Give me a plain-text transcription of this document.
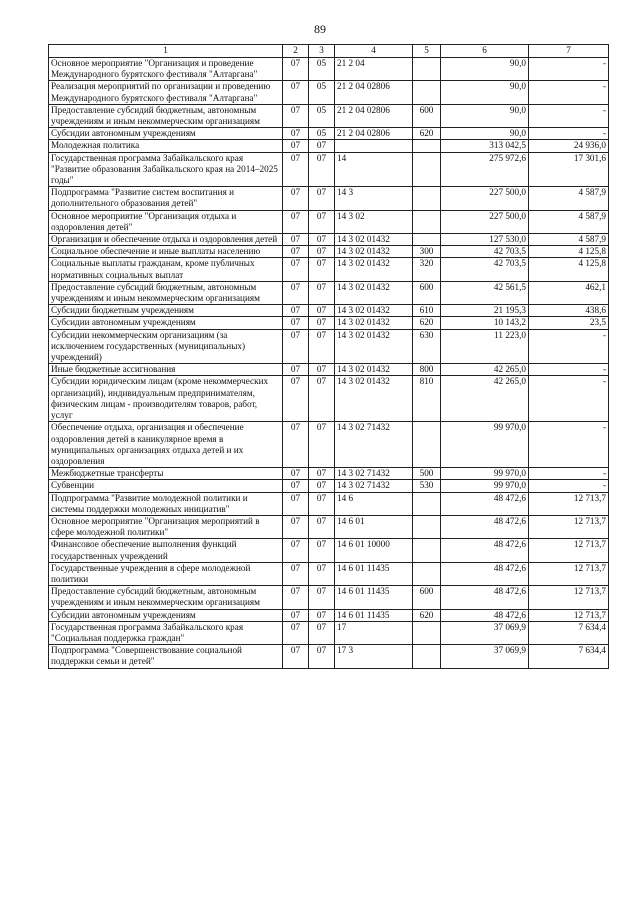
89
1	2	3	4	5	6	7
Основное мероприятие "Организация и проведение Международного бурятского фестиваля "Алтаргана"	07	05	21 2 04		90,0	-
Реализация мероприятий по организации и проведению Международного бурятского фестиваля "Алтаргана"	07	05	21 2 04 02806		90,0	-
Предоставление субсидий бюджетным, автономным учреждениям и иным некоммерческим организациям	07	05	21 2 04 02806	600	90,0	-
Субсидии автономным учреждениям	07	05	21 2 04 02806	620	90,0	-
Молодежная политика	07	07			313 042,5	24 936,0
Государственная программа Забайкальского края "Развитие образования Забайкальского края на 2014–2025 годы"	07	07	14		275 972,6	17 301,6
Подпрограмма "Развитие систем воспитания и дополнительного образования детей"	07	07	14 3		227 500,0	4 587,9
Основное мероприятие "Организация отдыха и оздоровления детей"	07	07	14 3 02		227 500,0	4 587,9
Организация и обеспечение отдыха и оздоровления детей	07	07	14 3 02 01432		127 530,0	4 587,9
Социальное обеспечение и иные выплаты населению	07	07	14 3 02 01432	300	42 703,5	4 125,8
Социальные выплаты гражданам, кроме публичных нормативных социальных выплат	07	07	14 3 02 01432	320	42 703,5	4 125,8
Предоставление субсидий бюджетным, автономным учреждениям и иным некоммерческим организациям	07	07	14 3 02 01432	600	42 561,5	462,1
Субсидии бюджетным учреждениям	07	07	14 3 02 01432	610	21 195,3	438,6
Субсидии автономным учреждениям	07	07	14 3 02 01432	620	10 143,2	23,5
Субсидии некоммерческим организациям (за исключением государственных (муниципальных) учреждений)	07	07	14 3 02 01432	630	11 223,0	-
Иные бюджетные ассигнования	07	07	14 3 02 01432	800	42 265,0	-
Субсидии юридическим лицам (кроме некоммерческих организаций), индивидуальным предпринимателям, физическим лицам - производителям товаров, работ, услуг	07	07	14 3 02 01432	810	42 265,0	-
Обеспечение отдыха, организация и обеспечение оздоровления детей в каникулярное время в муниципальных организациях отдыха детей и их оздоровления	07	07	14 3 02 71432		99 970,0	-
Межбюджетные трансферты	07	07	14 3 02 71432	500	99 970,0	-
Субвенции	07	07	14 3 02 71432	530	99 970,0	-
Подпрограмма "Развитие молодежной политики и системы поддержки молодежных инициатив"	07	07	14 6		48 472,6	12 713,7
Основное мероприятие "Организация мероприятий в сфере молодежной политики"	07	07	14 6 01		48 472,6	12 713,7
Финансовое обеспечение выполнения функций государственных учреждений	07	07	14 6 01 10000		48 472,6	12 713,7
Государственные учреждения в сфере молодежной политики	07	07	14 6 01 11435		48 472,6	12 713,7
Предоставление субсидий бюджетным, автономным учреждениям и иным некоммерческим организациям	07	07	14 6 01 11435	600	48 472,6	12 713,7
Субсидии автономным учреждениям	07	07	14 6 01 11435	620	48 472,6	12 713,7
Государственная программа Забайкальского края "Социальная поддержка граждан"	07	07	17		37 069,9	7 634,4
Подпрограмма "Совершенствование социальной поддержки семьи и детей"	07	07	17 3		37 069,9	7 634,4
